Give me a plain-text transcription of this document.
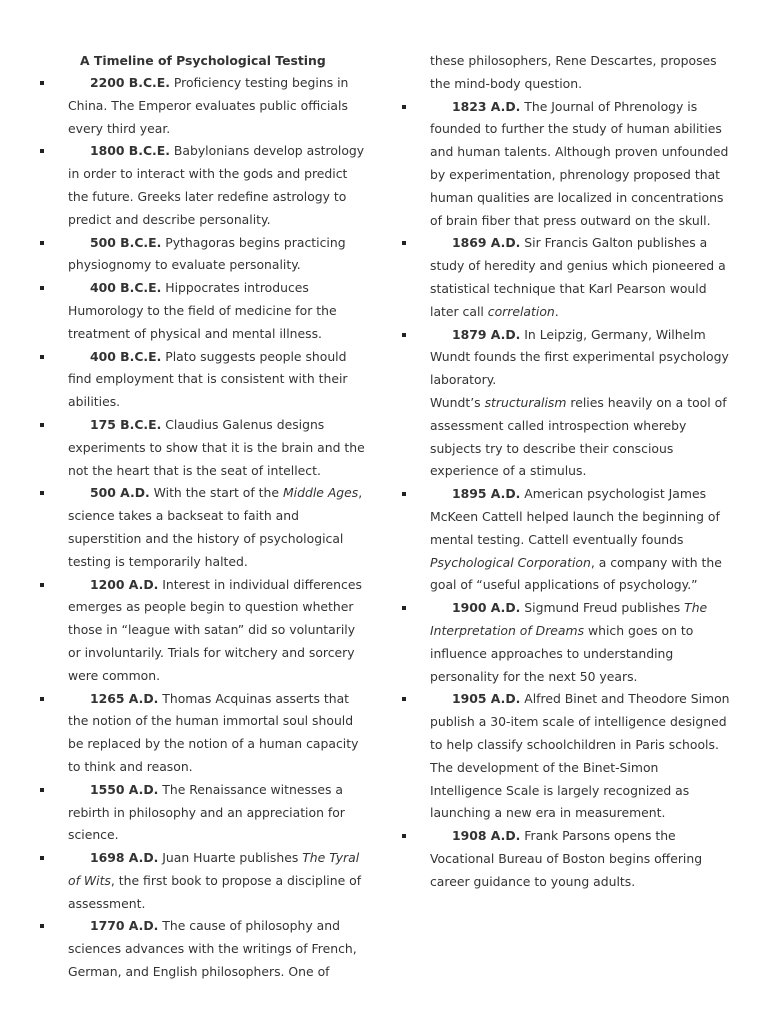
A Timeline of Psychological Testing
2200 B.C.E. Proficiency testing begins in China. The Emperor evaluates public officials every third year.
1800 B.C.E. Babylonians develop astrology in order to interact with the gods and predict the future. Greeks later redefine astrology to predict and describe personality.
500 B.C.E. Pythagoras begins practicing physiognomy to evaluate personality.
400 B.C.E. Hippocrates introduces Humorology to the field of medicine for the treatment of physical and mental illness.
400 B.C.E. Plato suggests people should find employment that is consistent with their abilities.
175 B.C.E. Claudius Galenus designs experiments to show that it is the brain and the not the heart that is the seat of intellect.
500 A.D. With the start of the Middle Ages, science takes a backseat to faith and superstition and the history of psychological testing is temporarily halted.
1200 A.D. Interest in individual differences emerges as people begin to question whether those in “league with satan” did so voluntarily or involuntarily. Trials for witchery and sorcery were common.
1265 A.D. Thomas Acquinas asserts that the notion of the human immortal soul should be replaced by the notion of a human capacity to think and reason.
1550 A.D. The Renaissance witnesses a rebirth in philosophy and an appreciation for science.
1698 A.D. Juan Huarte publishes The Tyral of Wits, the first book to propose a discipline of assessment.
1770 A.D. The cause of philosophy and sciences advances with the writings of French, German, and English philosophers. One of

these philosophers, Rene Descartes, proposes the mind-body question.

1823 A.D. The Journal of Phrenology is founded to further the study of human abilities and human talents. Although proven unfounded by experimentation, phrenology proposed that human qualities are localized in concentrations of brain fiber that press outward on the skull.
1869 A.D. Sir Francis Galton publishes a study of heredity and genius which pioneered a statistical technique that Karl Pearson would later call correlation.
1879 A.D. In Leipzig, Germany, Wilhelm Wundt founds the first experimental psychology laboratory.
Wundt’s structuralism relies heavily on a tool of assessment called introspection whereby subjects try to describe their conscious experience of a stimulus.
1895 A.D. American psychologist James McKeen Cattell helped launch the beginning of mental testing. Cattell eventually founds Psychological Corporation, a company with the goal of “useful applications of psychology.”
1900 A.D. Sigmund Freud publishes The Interpretation of Dreams which goes on to influence approaches to understanding personality for the next 50 years.
1905 A.D. Alfred Binet and Theodore Simon publish a 30-item scale of intelligence designed to help classify schoolchildren in Paris schools. The development of the Binet-Simon Intelligence Scale is largely recognized as launching a new era in measurement.
1908 A.D. Frank Parsons opens the Vocational Bureau of Boston begins offering career guidance to young adults.
